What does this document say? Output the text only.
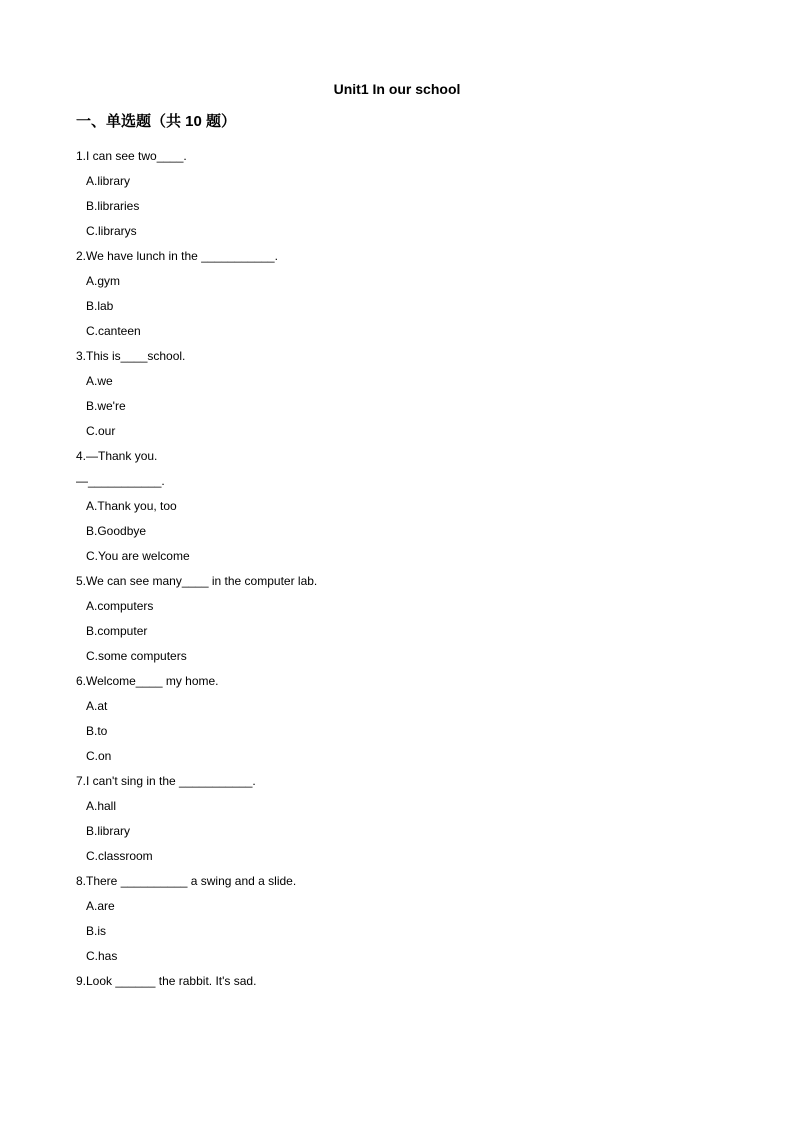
Unit1 In our school
一、单选题（共 10 题）
1.I can see two____.
A.library
B.libraries
C.librarys
2.We have lunch in the ___________.
A.gym
B.lab
C.canteen
3.This is____school.
A.we
B.we're
C.our
4.—Thank you.
—___________.
A.Thank you, too
B.Goodbye
C.You are welcome
5.We can see many____ in the computer lab.
A.computers
B.computer
C.some computers
6.Welcome____ my home.
A.at
B.to
C.on
7.I can't sing in the ___________.
A.hall
B.library
C.classroom
8.There __________ a swing and a slide.
A.are
B.is
C.has
9.Look ______ the rabbit. It's sad.
